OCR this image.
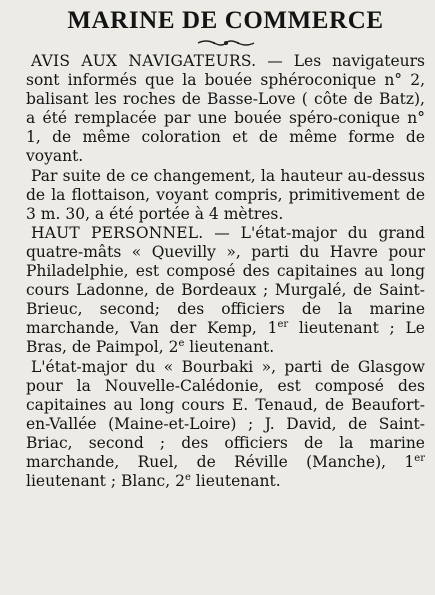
MARINE DE COMMERCE

AVIS AUX NAVIGATEURS. — Les navigateurs sont informés que la bouée sphéroconique n° 2, balisant les roches de Basse-Love ( côte de Batz), a été remplacée par une bouée spéro-conique n° 1, de même coloration et de même forme de voyant.

Par suite de ce changement, la hauteur au-dessus de la flottaison, voyant compris, primitivement de 3 m. 30, a été portée à 4 mètres.

HAUT PERSONNEL. — L'état-major du grand quatre-mâts « Quevilly », parti du Havre pour Philadelphie, est composé des capitaines au long cours Ladonne, de Bordeaux ; Murgalé, de Saint-Brieuc, second; des officiers de la marine marchande, Van der Kemp, 1er lieutenant ; Le Bras, de Paimpol, 2e lieutenant.

L'état-major du « Bourbaki », parti de Glasgow pour la Nouvelle-Calédonie, est composé des capitaines au long cours E. Tenaud, de Beaufort-en-Vallée (Maine-et-Loire) ; J. David, de Saint-Briac, second ; des officiers de la marine marchande, Ruel, de Réville (Manche), 1er lieutenant ; Blanc, 2e lieutenant.
